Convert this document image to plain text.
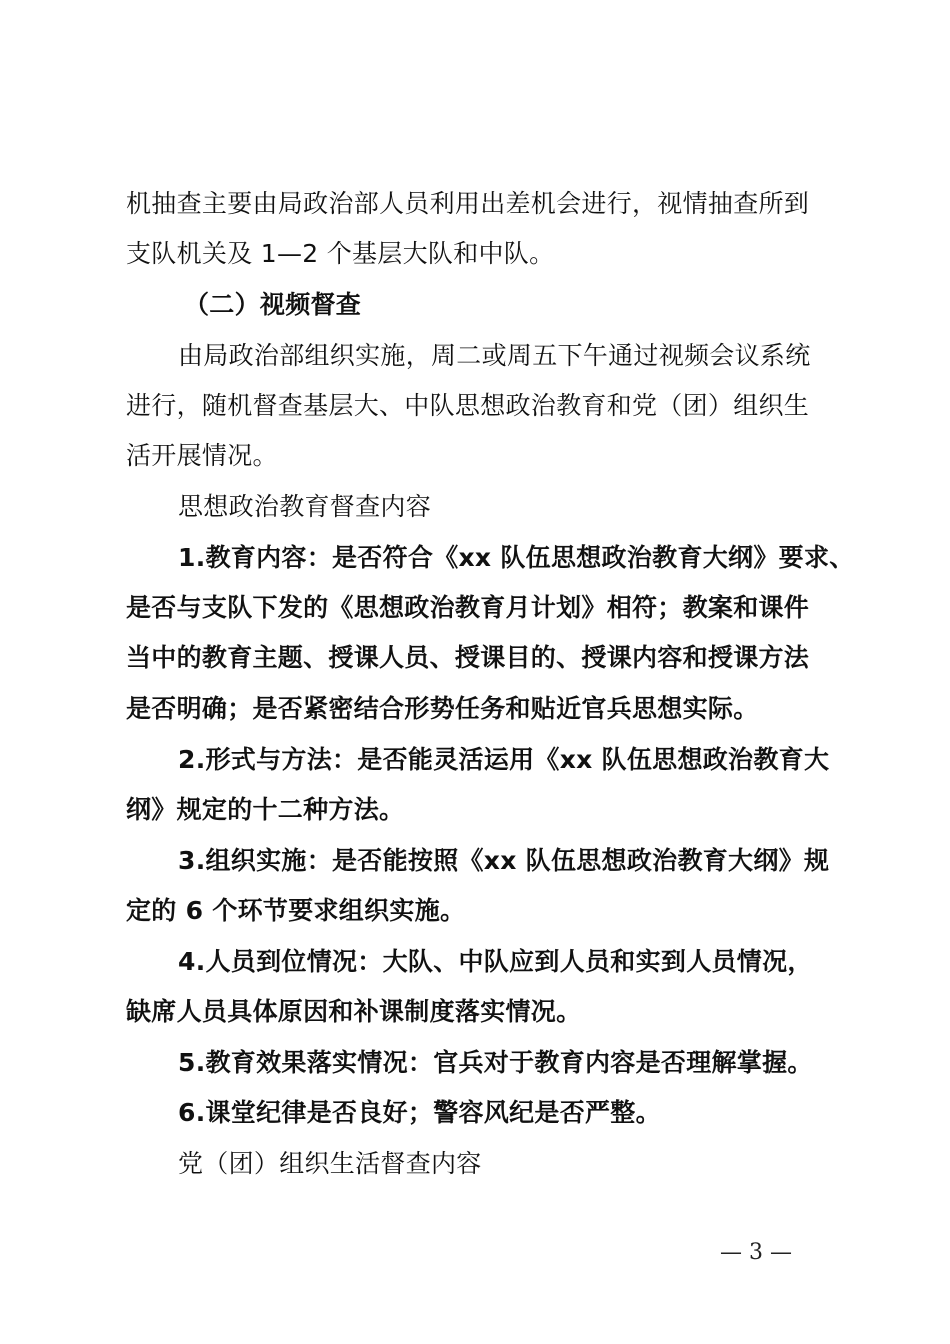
机抽查主要由局政治部人员利用出差机会进行，视情抽查所到
支队机关及 1—2 个基层大队和中队。
（二）视频督查
由局政治部组织实施，周二或周五下午通过视频会议系统
进行，随机督查基层大、中队思想政治教育和党（团）组织生
活开展情况。
思想政治教育督查内容
1.教育内容：是否符合《xx 队伍思想政治教育大纲》要求、
是否与支队下发的《思想政治教育月计划》相符；教案和课件
当中的教育主题、授课人员、授课目的、授课内容和授课方法
是否明确；是否紧密结合形势任务和贴近官兵思想实际。
2.形式与方法：是否能灵活运用《xx 队伍思想政治教育大
纲》规定的十二种方法。
3.组织实施：是否能按照《xx 队伍思想政治教育大纲》规
定的 6 个环节要求组织实施。
4.人员到位情况：大队、中队应到人员和实到人员情况，
缺席人员具体原因和补课制度落实情况。
5.教育效果落实情况：官兵对于教育内容是否理解掌握。
6.课堂纪律是否良好；警容风纪是否严整。
党（团）组织生活督查内容
— 3 —
